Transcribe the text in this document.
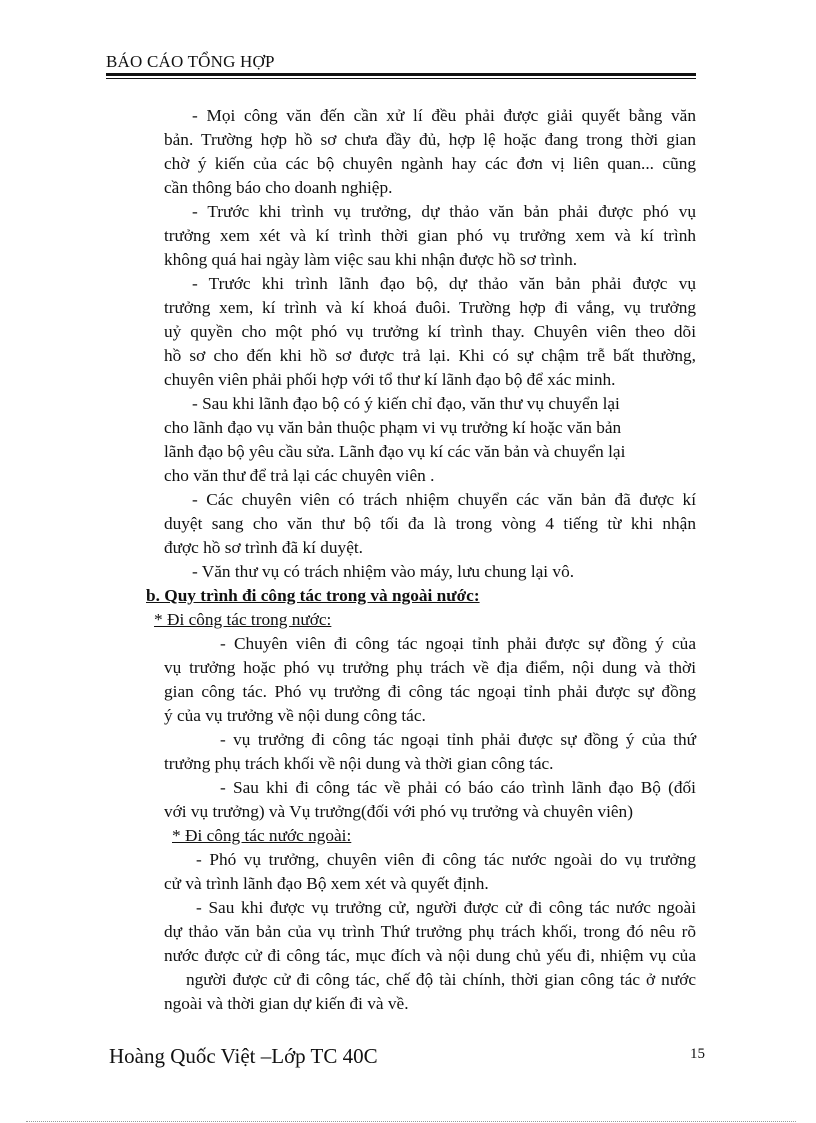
BÁO CÁO TỔNG HỢP
- Mọi công văn đến cần xử lí đều phải được giải quyết bằng văn
bản. Trường hợp hồ sơ chưa đầy đủ, hợp lệ hoặc đang trong thời gian
chờ ý kiến của các bộ chuyên ngành hay các đơn vị liên quan... cũng
cần thông báo cho doanh nghiệp.
- Trước khi trình vụ trưởng, dự thảo văn bản phải được phó vụ
trưởng xem xét và kí trình thời gian phó vụ trưởng xem và kí trình
không quá hai ngày làm việc sau khi nhận được hồ sơ trình.
- Trước khi trình lãnh đạo bộ, dự thảo văn bản phải được vụ
trưởng xem, kí trình và kí khoá đuôi. Trường hợp đi vắng, vụ trưởng
uỷ quyền cho một phó vụ trưởng kí trình thay. Chuyên viên theo dõi
hồ sơ cho đến khi hồ sơ được trả lại. Khi có sự chậm trễ bất thường,
chuyên viên phải phối hợp với tổ thư kí lãnh đạo bộ để xác minh.
- Sau khi lãnh đạo bộ có ý kiến chỉ đạo, văn thư vụ chuyển lại
cho lãnh đạo vụ văn bản thuộc phạm vi vụ trưởng kí hoặc văn bản
lãnh đạo bộ yêu cầu sửa. Lãnh đạo vụ kí các văn bản và chuyển lại
cho văn thư để trả lại các chuyên viên .
- Các chuyên viên có trách nhiệm chuyển các văn bản đã được kí
duyệt sang cho văn thư bộ tối đa là trong vòng 4 tiếng từ khi nhận
được hồ sơ trình đã kí duyệt.
- Văn thư vụ có trách nhiệm vào máy, lưu chung lại vô.
b. Quy trình đi công tác trong và ngoài nước:
* Đi công tác trong nước:
- Chuyên viên đi công tác ngoại tỉnh phải được sự đồng ý của
vụ trưởng hoặc phó vụ trưởng phụ trách về địa điểm, nội dung và thời
gian công tác. Phó vụ trưởng đi công tác ngoại tỉnh phải được sự đồng
ý của vụ trưởng về nội dung công tác.
- vụ trưởng đi công tác ngoại tỉnh phải được sự đồng ý của thứ
trưởng phụ trách khối về nội dung và thời gian công tác.
- Sau khi đi công tác về phải có báo cáo trình lãnh đạo Bộ (đối
với vụ trưởng) và Vụ trưởng(đối với phó vụ trưởng và chuyên viên)
* Đi công tác nước ngoài:
- Phó vụ trưởng, chuyên viên đi công tác nước ngoài do vụ trưởng
cử và trình lãnh đạo Bộ xem xét và quyết định.
- Sau khi được vụ trưởng cử, người được cử đi công tác nước ngoài
dự thảo văn bản của vụ trình Thứ trưởng phụ trách khối, trong đó nêu rõ
nước được cử đi công tác, mục đích và nội dung chủ yếu đi, nhiệm vụ của
người được cử đi công tác, chế độ tài chính, thời gian công tác ở nước
ngoài và thời gian dự kiến đi và về.
Hoàng Quốc Việt –Lớp TC 40C	15
